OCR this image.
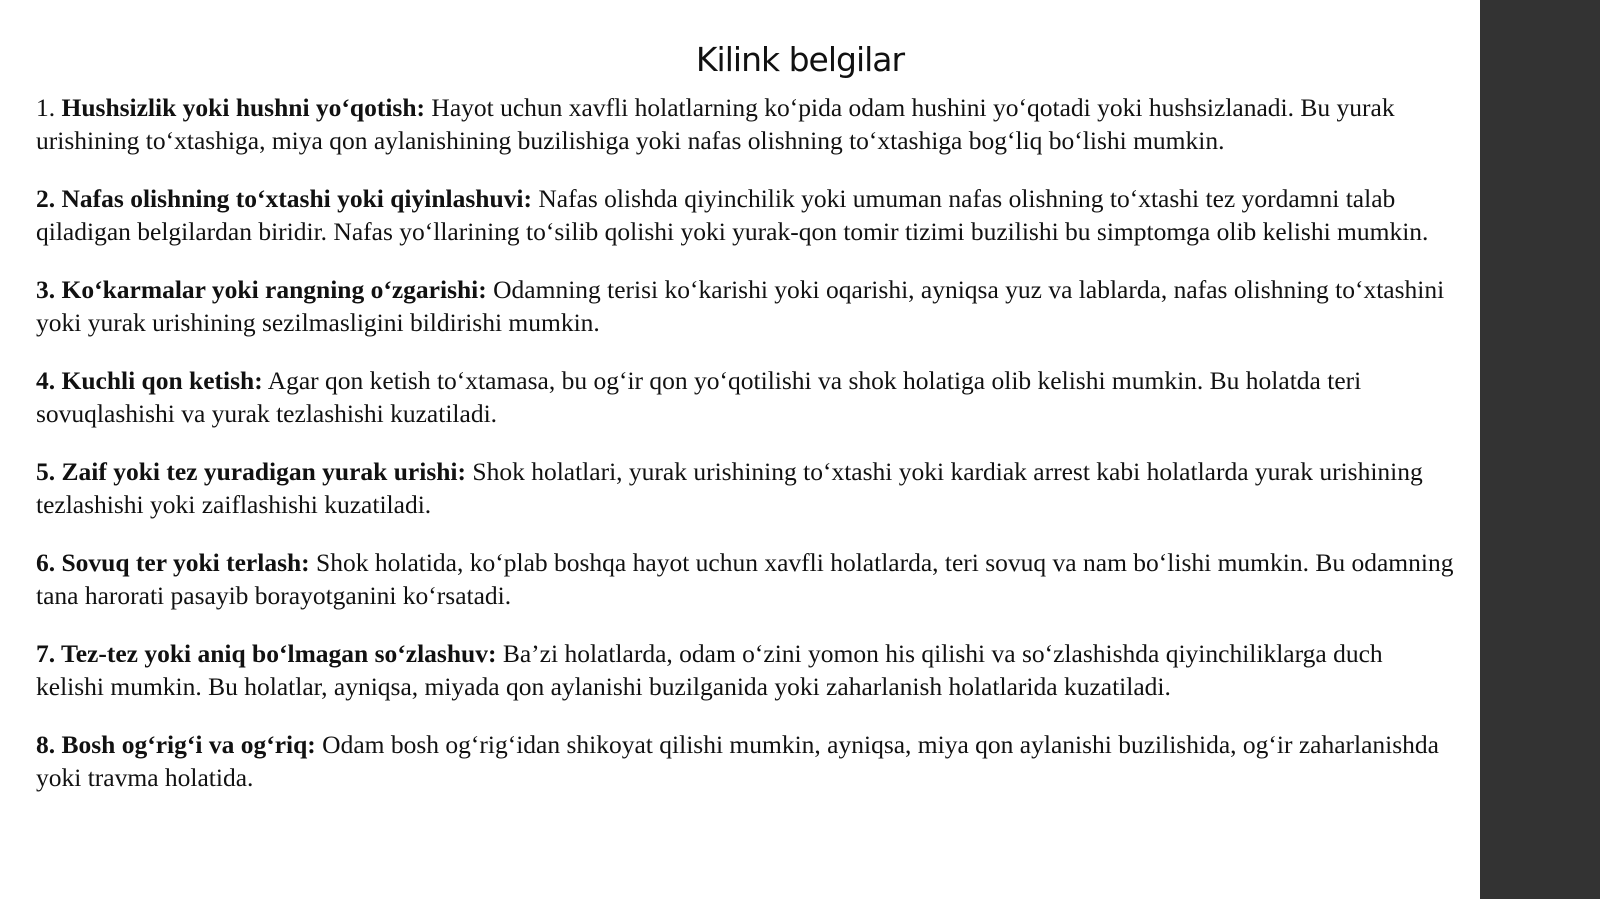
Kilink belgilar

1. Hushsizlik yoki hushni yo‘qotish: Hayot uchun xavfli holatlarning ko‘pida odam hushini yo‘qotadi yoki hushsizlanadi. Bu yurak urishining to‘xtashiga, miya qon aylanishining buzilishiga yoki nafas olishning to‘xtashiga bog‘liq bo‘lishi mumkin.

2. Nafas olishning to‘xtashi yoki qiyinlashuvi: Nafas olishda qiyinchilik yoki umuman nafas olishning to‘xtashi tez yordamni talab qiladigan belgilardan biridir. Nafas yo‘llarining to‘silib qolishi yoki yurak-qon tomir tizimi buzilishi bu simptomga olib kelishi mumkin.

3. Ko‘karmalar yoki rangning o‘zgarishi: Odamning terisi ko‘karishi yoki oqarishi, ayniqsa yuz va lablarda, nafas olishning to‘xtashini yoki yurak urishining sezilmasligini bildirishi mumkin.

4. Kuchli qon ketish: Agar qon ketish to‘xtamasa, bu og‘ir qon yo‘qotilishi va shok holatiga olib kelishi mumkin. Bu holatda teri sovuqlashishi va yurak tezlashishi kuzatiladi.

5. Zaif yoki tez yuradigan yurak urishi: Shok holatlari, yurak urishining to‘xtashi yoki kardiak arrest kabi holatlarda yurak urishining tezlashishi yoki zaiflashishi kuzatiladi.

6. Sovuq ter yoki terlash: Shok holatida, ko‘plab boshqa hayot uchun xavfli holatlarda, teri sovuq va nam bo‘lishi mumkin. Bu odamning tana harorati pasayib borayotganini ko‘rsatadi.

7. Tez-tez yoki aniq bo‘lmagan so‘zlashuv: Ba’zi holatlarda, odam o‘zini yomon his qilishi va so‘zlashishda qiyinchiliklarga duch kelishi mumkin. Bu holatlar, ayniqsa, miyada qon aylanishi buzilganida yoki zaharlanish holatlarida kuzatiladi.

8. Bosh og‘rig‘i va og‘riq: Odam bosh og‘rig‘idan shikoyat qilishi mumkin, ayniqsa, miya qon aylanishi buzilishida, og‘ir zaharlanishda yoki travma holatida.
